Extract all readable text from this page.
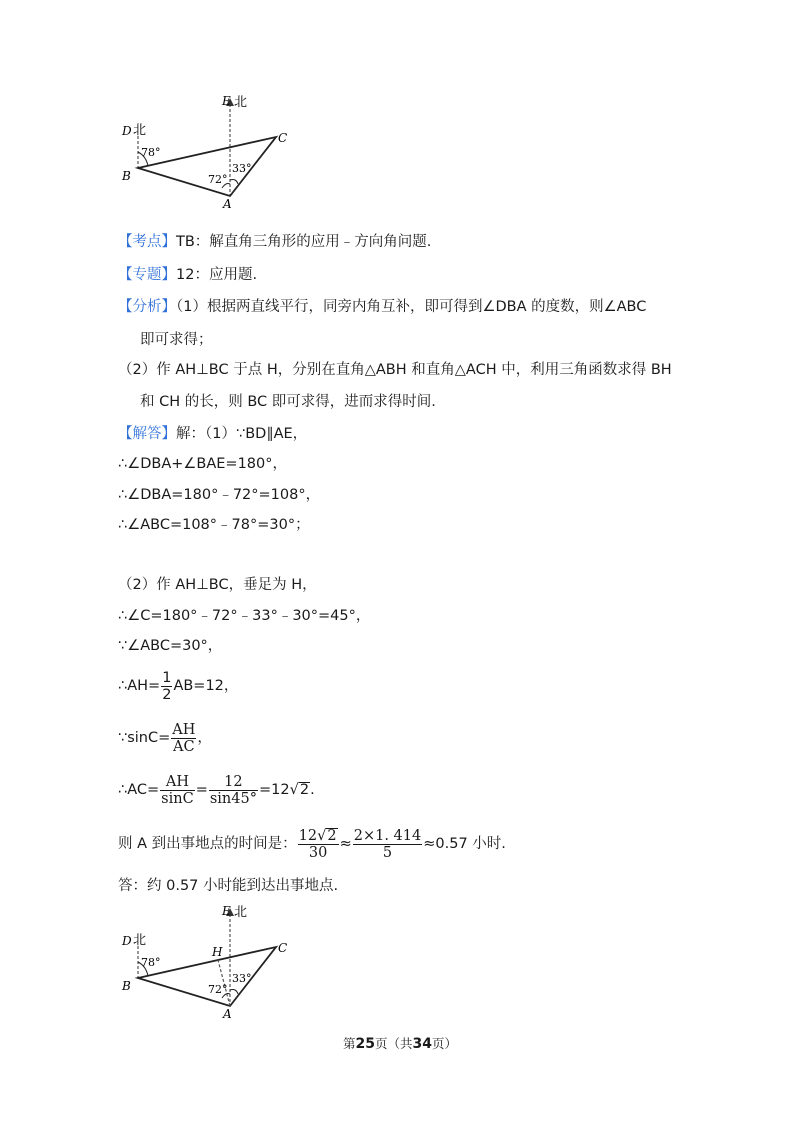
E 北
D 北	C
B
A
78°
72°
33°
【考点】TB：解直角三角形的应用﹣方向角问题.
【专题】12：应用题.
【分析】（1）根据两直线平行，同旁内角互补，即可得到∠DBA 的度数，则∠ABC
即可求得；
（2）作 AH⊥BC 于点 H，分别在直角△ABH 和直角△ACH 中，利用三角函数求得 BH
和 CH 的长，则 BC 即可求得，进而求得时间.
【解答】解：（1）∵BD∥AE，
∴∠DBA+∠BAE=180°，
∴∠DBA=180°﹣72°=108°，
∴∠ABC=108°﹣78°=30°；
（2）作 AH⊥BC，垂足为 H，
∴∠C=180°﹣72°﹣33°﹣30°=45°，
∵∠ABC=30°，
∴AH= $\frac{1}{2} AB=12$，
∵sinC= $\frac{AH}{AC}$ ，
∴AC= $\frac{AH}{\sin C} = \frac{12}{\sin 45^\circ} =12√2$.
则 A 到出事地点的时间是： $\frac{12√2}{30} \approx \frac{2\times 1. 414}{5} \approx 0.57$ 小时.
答：约 0.57 小时能到达出事地点.
E 北
D 北	C
H
B
A
78°
72°
33°
第25页（共34页）
